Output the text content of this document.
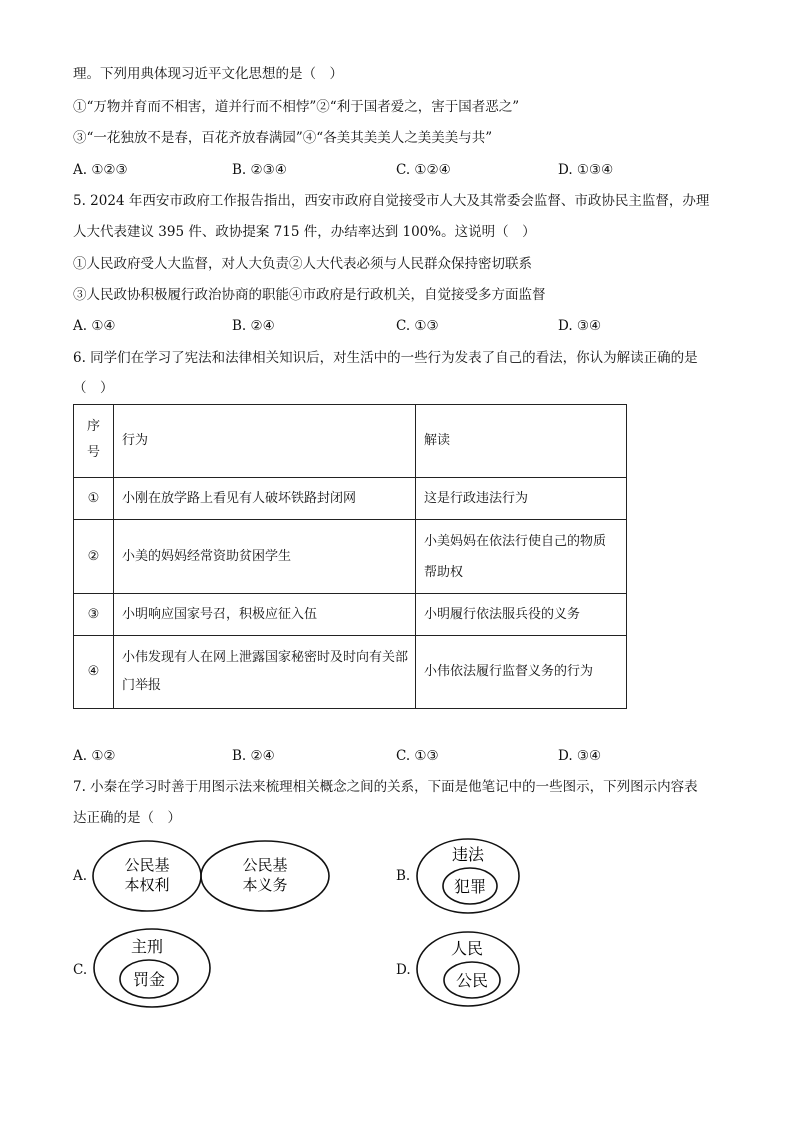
理。下列用典体现习近平文化思想的是（　）
①“万物并育而不相害，道并行而不相悖”②“利于国者爱之，害于国者恶之”
③“一花独放不是春，百花齐放春满园”④“各美其美美人之美美美与共”
A. ①②③	B. ②③④	C. ①②④	D. ①③④
5. 2024 年西安市政府工作报告指出，西安市政府自觉接受市人大及其常委会监督、市政协民主监督，办理
人大代表建议 395 件、政协提案 715 件，办结率达到 100%。这说明（　）
①人民政府受人大监督，对人大负责②人大代表必须与人民群众保持密切联系
③人民政协积极履行政治协商的职能④市政府是行政机关，自觉接受多方面监督
A. ①④	B. ②④	C. ①③	D. ③④
6. 同学们在学习了宪法和法律相关知识后，对生活中的一些行为发表了自己的看法，你认为解读正确的是
（　）
序号	行为	解读
①	小刚在放学路上看见有人破坏铁路封闭网	这是行政违法行为
②	小美的妈妈经常资助贫困学生	小美妈妈在依法行使自己的物质帮助权

③	小明响应国家号召，积极应征入伍	小明履行依法服兵役的义务
④	小伟发现有人在网上泄露国家秘密时及时向有关部门举报	小伟依法履行监督义务的行为
A. ①②	B. ②④	C. ①③	D. ③④
7. 小秦在学习时善于用图示法来梳理相关概念之间的关系，下面是他笔记中的一些图示，下列图示内容表
达正确的是（　）
A.
公民基
本权利
公民基
本义务	B.
违法
犯罪
C.
主刑
罚金	D.
人民
公民
